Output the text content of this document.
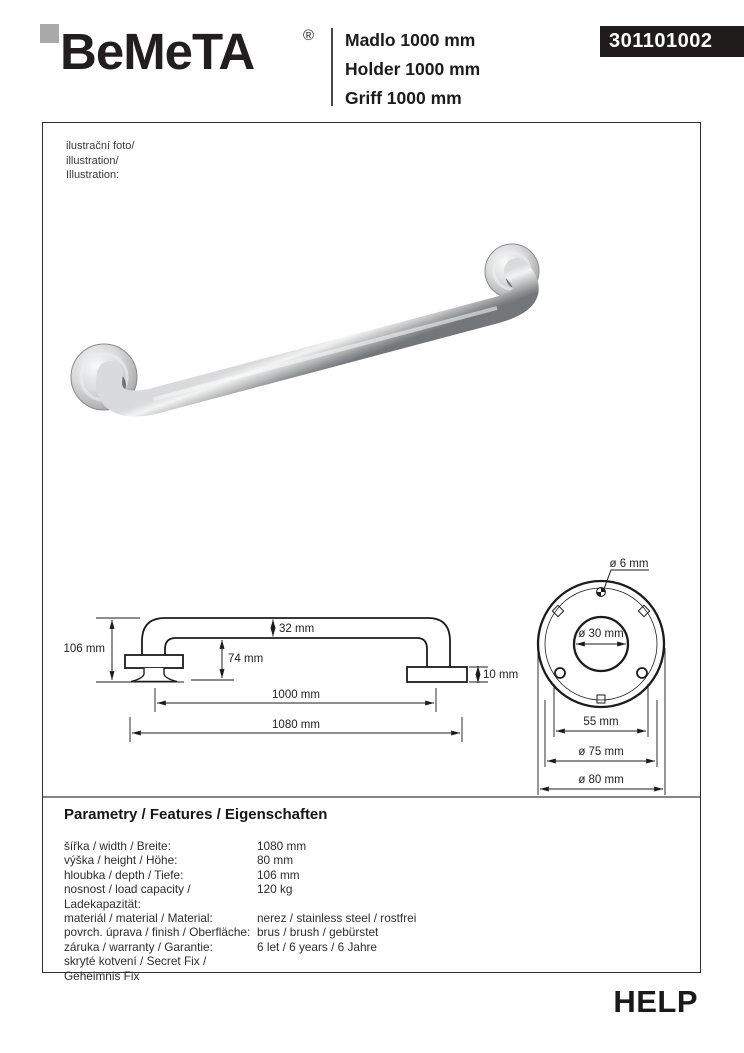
BeMeTA	® Madlo 1000 mm
Holder 1000 mm
Griff 1000 mm
301101002
ilustrační foto/
illustration/
Illustration:
106 mm
32 mm
74 mm
10 mm
1000 mm
1080 mm
ø 6 mm
ø 30 mm
55 mm
ø 75 mm
ø 80 mm
Parametry / Features / Eigenschaften
šířka / width / Breite:	1080 mm
výška / height / Höhe:	80 mm
hloubka / depth / Tiefe:	106 mm
nosnost / load capacity / Ladekapazität:
120 kg
materiál / material / Material:	nerez / stainless steel / rostfrei
povrch. úprava / finish / Oberfläche: brus / brush / gebürstet
záruka / warranty / Garantie:	6 let / 6 years / 6 Jahre
skryté kotvení / Secret Fix / Geheimnis Fix
HELP
